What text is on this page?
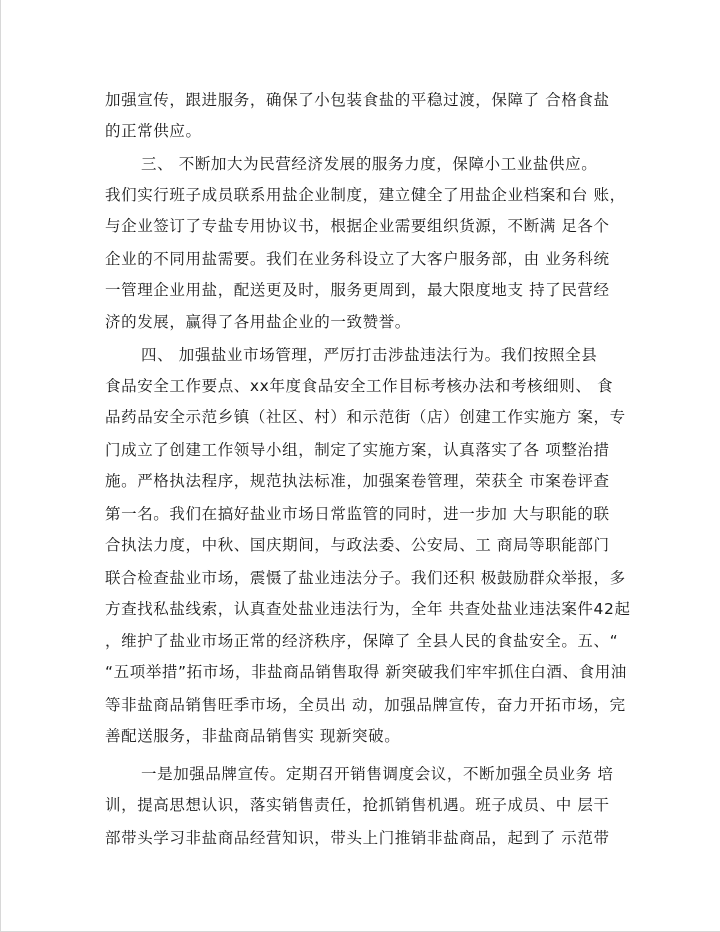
加强宣传，跟进服务，确保了小包装食盐的平稳过渡，保障了 合格食盐
的正常供应。
三、 不断加大为民营经济发展的服务力度，保障小工业盐供应。
我们实行班子成员联系用盐企业制度，建立健全了用盐企业档案和台 账，
与企业签订了专盐专用协议书，根据企业需要组织货源，不断满 足各个
企业的不同用盐需要。我们在业务科设立了大客户服务部，由 业务科统
一管理企业用盐，配送更及时，服务更周到，最大限度地支 持了民营经
济的发展，赢得了各用盐企业的一致赞誉。
四、 加强盐业市场管理，严厉打击涉盐违法行为。我们按照全县
食品安全工作要点、xx年度食品安全工作目标考核办法和考核细则、 食
品药品安全示范乡镇（社区、村）和示范街（店）创建工作实施方 案，专
门成立了创建工作领导小组，制定了实施方案，认真落实了各 项整治措
施。严格执法程序，规范执法标准，加强案卷管理，荣获全 市案卷评查
第一名。我们在搞好盐业市场日常监管的同时，进一步加 大与职能的联
合执法力度，中秋、国庆期间，与政法委、公安局、工 商局等职能部门
联合检查盐业市场，震慑了盐业违法分子。我们还积 极鼓励群众举报，多
方查找私盐线索，认真查处盐业违法行为，全年 共查处盐业违法案件42起
，维护了盐业市场正常的经济秩序，保障了 全县人民的食盐安全。五、“
“五项举措”拓市场，非盐商品销售取得 新突破我们牢牢抓住白酒、食用油
等非盐商品销售旺季市场，全员出 动，加强品牌宣传，奋力开拓市场，完
善配送服务，非盐商品销售实 现新突破。
一是加强品牌宣传。定期召开销售调度会议，不断加强全员业务 培
训，提高思想认识，落实销售责任，抢抓销售机遇。班子成员、中 层干
部带头学习非盐商品经营知识，带头上门推销非盐商品，起到了 示范带
